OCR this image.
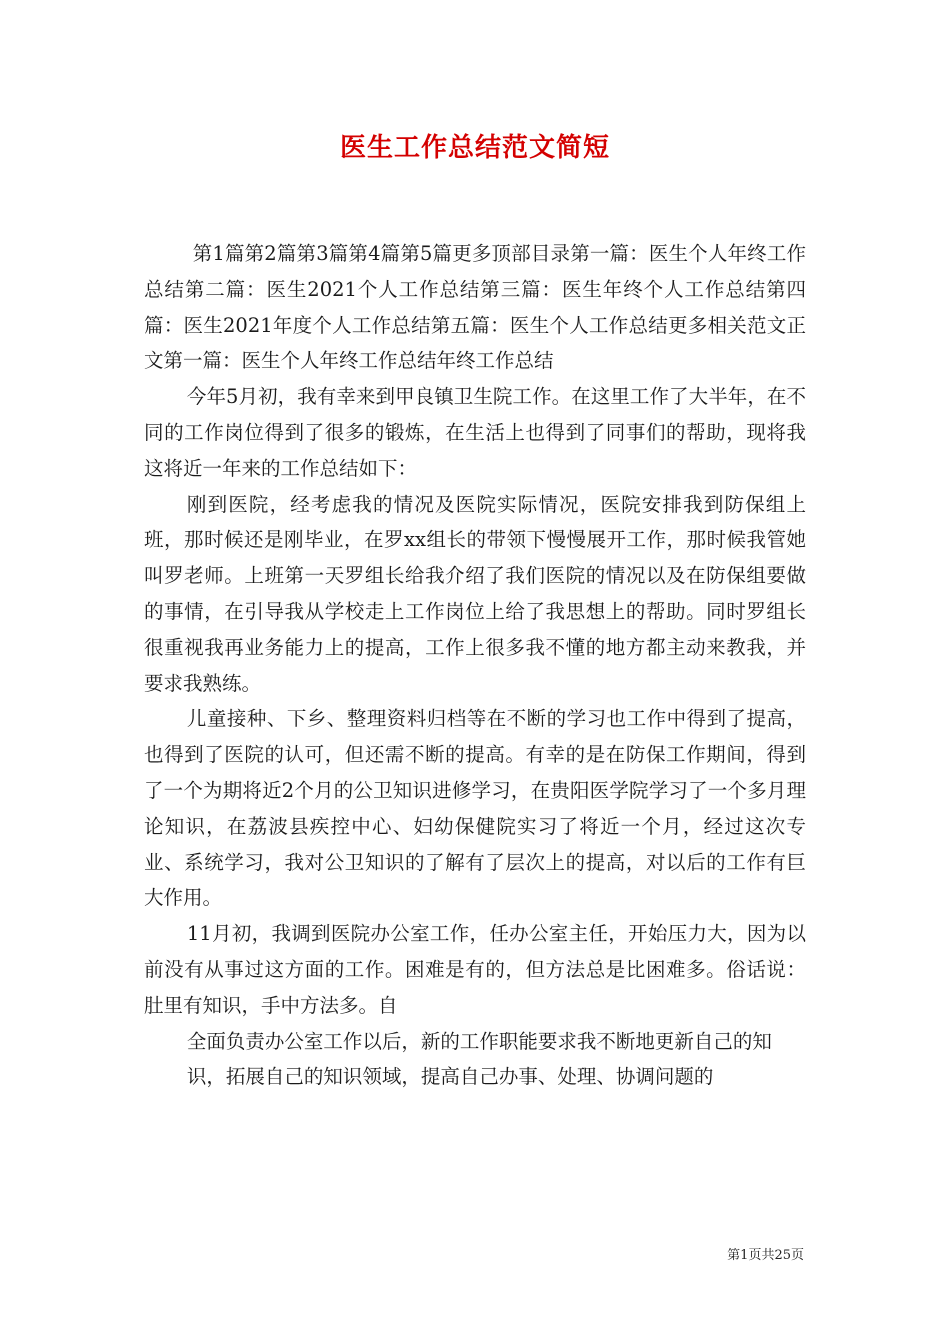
医生工作总结范文简短

第1篇第2篇第3篇第4篇第5篇更多顶部目录第一篇：医生个人年终工作总结第二篇：医生2021个人工作总结第三篇：医生年终个人工作总结第四篇：医生2021年度个人工作总结第五篇：医生个人工作总结更多相关范文正文第一篇：医生个人年终工作总结年终工作总结

今年5月初，我有幸来到甲良镇卫生院工作。在这里工作了大半年，在不同的工作岗位得到了很多的锻炼，在生活上也得到了同事们的帮助，现将我这将近一年来的工作总结如下：

刚到医院，经考虑我的情况及医院实际情况，医院安排我到防保组上班，那时候还是刚毕业，在罗xx组长的带领下慢慢展开工作，那时候我管她叫罗老师。上班第一天罗组长给我介绍了我们医院的情况以及在防保组要做的事情，在引导我从学校走上工作岗位上给了我思想上的帮助。同时罗组长很重视我再业务能力上的提高，工作上很多我不懂的地方都主动来教我，并要求我熟练。

儿童接种、下乡、整理资料归档等在不断的学习也工作中得到了提高，也得到了医院的认可，但还需不断的提高。有幸的是在防保工作期间，得到了一个为期将近2个月的公卫知识进修学习，在贵阳医学院学习了一个多月理论知识，在荔波县疾控中心、妇幼保健院实习了将近一个月，经过这次专业、系统学习，我对公卫知识的了解有了层次上的提高，对以后的工作有巨大作用。

11月初，我调到医院办公室工作，任办公室主任，开始压力大，因为以前没有从事过这方面的工作。困难是有的，但方法总是比困难多。俗话说：肚里有知识，手中方法多。自

全面负责办公室工作以后，新的工作职能要求我不断地更新自己的知

识，拓展自己的知识领域，提高自己办事、处理、协调问题的

第1页共25页
